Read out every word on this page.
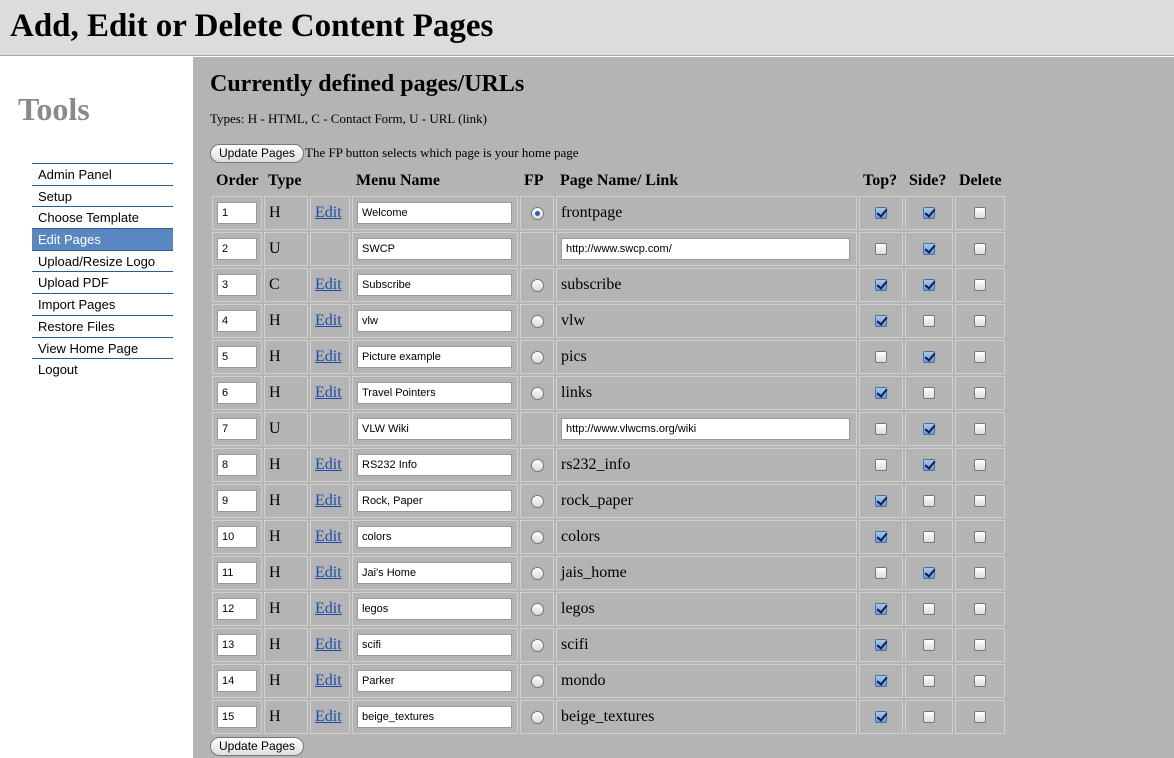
Add, Edit or Delete Content Pages
Tools
Admin Panel
Setup
Choose Template
Edit Pages
Upload/Resize Logo
Upload PDF
Import Pages
Restore Files
View Home Page
Logout
Currently defined pages/URLs
Types: H - HTML, C - Contact Form, U - URL (link)
Update Pages The FP button selects which page is your home page
Order	Type		Menu Name	FP	Page Name/ Link	Top?	Side?	Delete
1	H	Edit	Welcome		frontpage			
2	U		SWCP		http://www.swcp.com/			
3	C	Edit	Subscribe		subscribe			
4	H	Edit	vlw		vlw			
5	H	Edit	Picture example		pics			
6	H	Edit	Travel Pointers		links			
7	U		VLW Wiki		http://www.vlwcms.org/wiki			
8	H	Edit	RS232 Info		rs232_info			
9	H	Edit	Rock, Paper		rock_paper			
10	H	Edit	colors		colors			
11	H	Edit	Jai's Home		jais_home			
12	H	Edit	legos		legos			
13	H	Edit	scifi		scifi			
14	H	Edit	Parker		mondo			
15	H	Edit	beige_textures		beige_textures			
Update Pages
